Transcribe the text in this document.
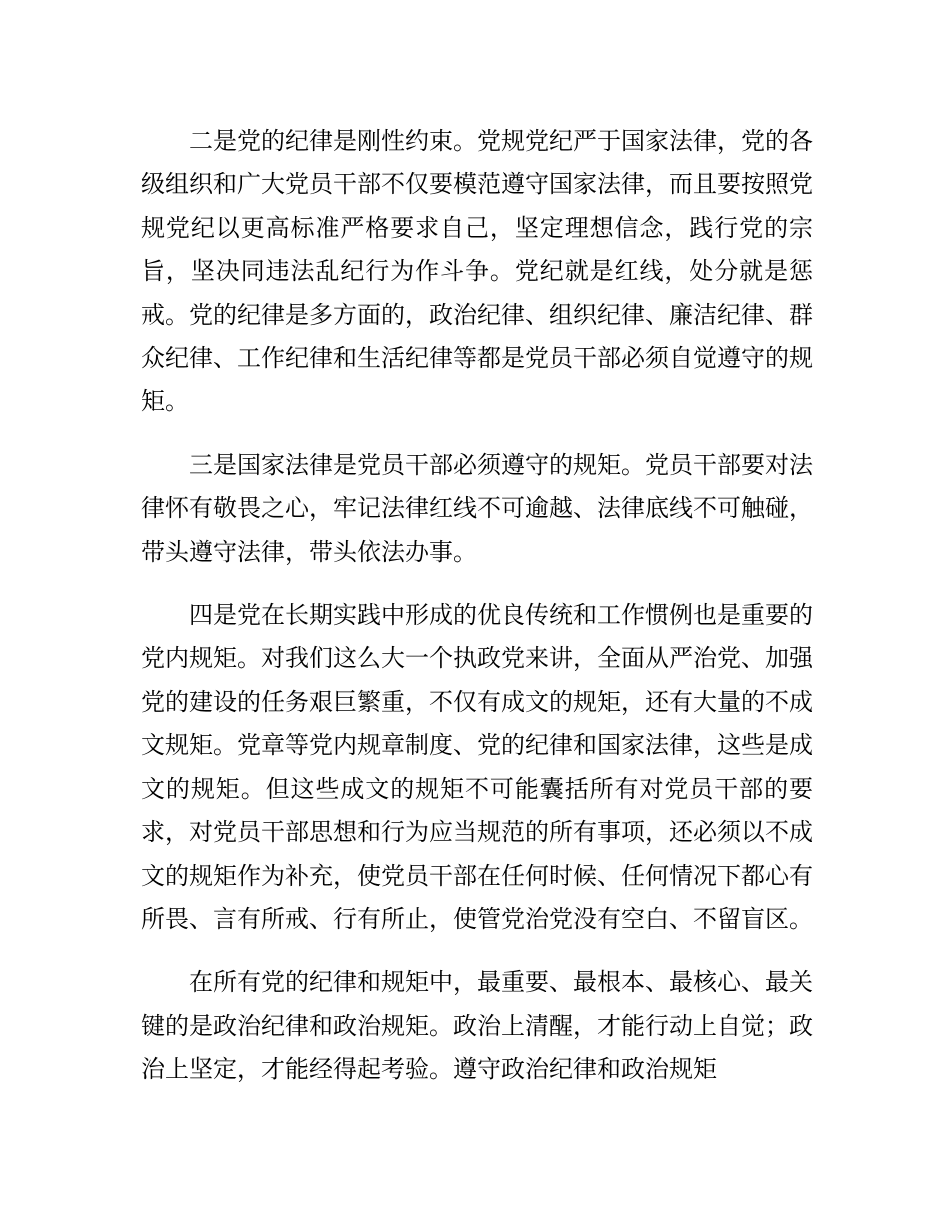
二是党的纪律是刚性约束。党规党纪严于国家法律，党的各级组织和广大党员干部不仅要模范遵守国家法律，而且要按照党规党纪以更高标准严格要求自己，坚定理想信念，践行党的宗旨，坚决同违法乱纪行为作斗争。党纪就是红线，处分就是惩戒。党的纪律是多方面的，政治纪律、组织纪律、廉洁纪律、群众纪律、工作纪律和生活纪律等都是党员干部必须自觉遵守的规矩。

三是国家法律是党员干部必须遵守的规矩。党员干部要对法律怀有敬畏之心，牢记法律红线不可逾越、法律底线不可触碰，带头遵守法律，带头依法办事。

四是党在长期实践中形成的优良传统和工作惯例也是重要的党内规矩。对我们这么大一个执政党来讲，全面从严治党、加强党的建设的任务艰巨繁重，不仅有成文的规矩，还有大量的不成文规矩。党章等党内规章制度、党的纪律和国家法律，这些是成文的规矩。但这些成文的规矩不可能囊括所有对党员干部的要求，对党员干部思想和行为应当规范的所有事项，还必须以不成文的规矩作为补充，使党员干部在任何时候、任何情况下都心有所畏、言有所戒、行有所止，使管党治党没有空白、不留盲区。

在所有党的纪律和规矩中，最重要、最根本、最核心、最关键的是政治纪律和政治规矩。政治上清醒，才能行动上自觉；政治上坚定，才能经得起考验。遵守政治纪律和政治规矩
